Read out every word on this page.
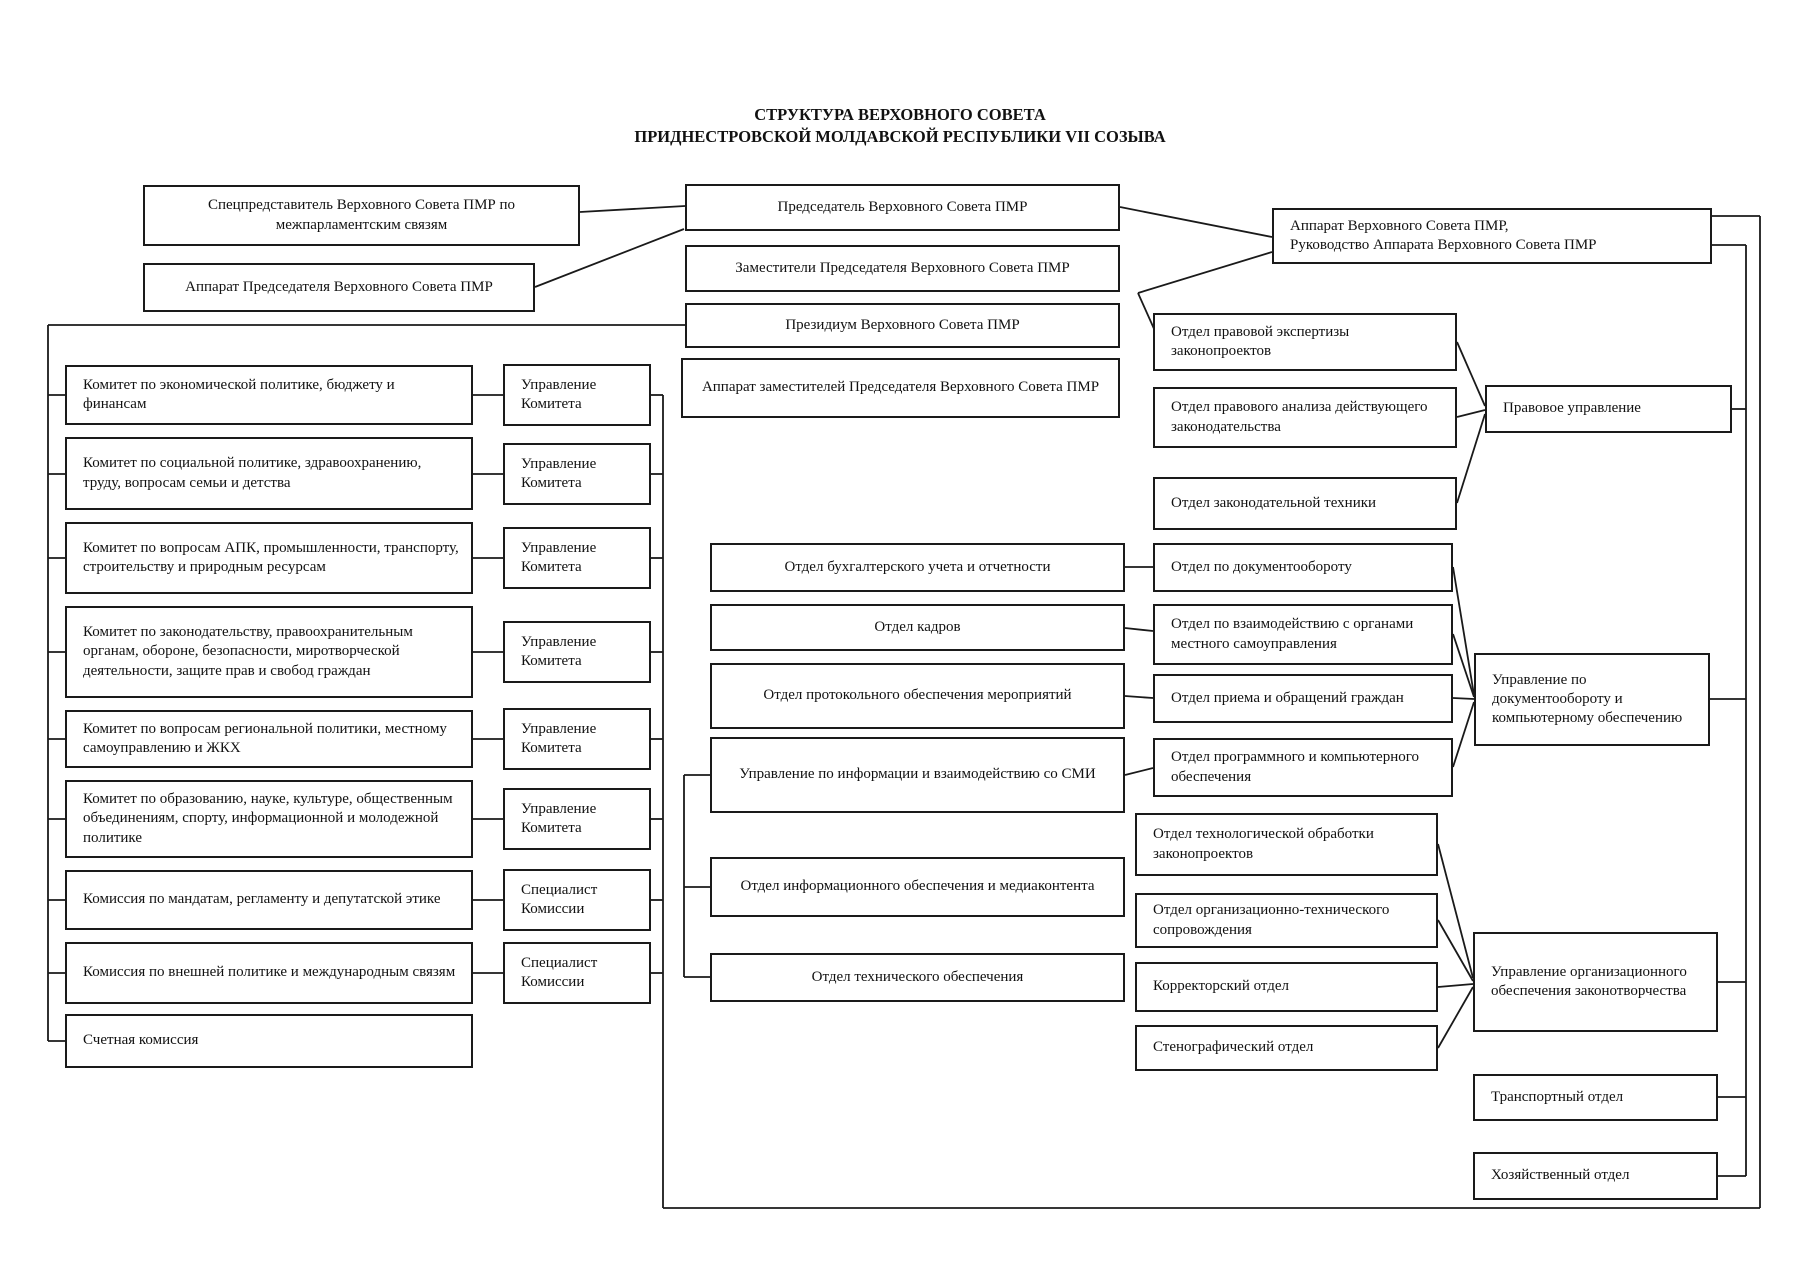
СТРУКТУРА ВЕРХОВНОГО СОВЕТА
ПРИДНЕСТРОВСКОЙ МОЛДАВСКОЙ РЕСПУБЛИКИ VII СОЗЫВА
Спецпредставитель Верховного Совета ПМР по межпарламентским связям
Аппарат Председателя Верховного Совета ПМР
Председатель Верховного Совета ПМР
Заместители Председателя Верховного Совета ПМР
Президиум Верховного Совета ПМР
Аппарат заместителей Председателя Верховного Совета ПМР
Аппарат Верховного Совета ПМР,
Руководство Аппарата Верховного Совета ПМР
Комитет по экономической политике, бюджету и финансам
Комитет по социальной политике, здравоохранению, труду, вопросам семьи и детства
Комитет по вопросам АПК, промышленности, транспорту, строительству и природным ресурсам
Комитет по законодательству, правоохранительным органам, обороне, безопасности, миротворческой деятельности, защите прав и свобод граждан
Комитет по вопросам региональной политики, местному самоуправлению и ЖКХ
Комитет по образованию, науке, культуре, общественным объединениям, спорту, информационной и молодежной политике
Комиссия по мандатам, регламенту и депутатской этике
Комиссия по внешней политике и международным связям
Счетная комиссия
Управление Комитета
Управление Комитета
Управление Комитета
Управление Комитета
Управление Комитета
Управление Комитета
Специалист Комиссии
Специалист Комиссии
Отдел бухгалтерского учета и отчетности
Отдел кадров
Отдел протокольного обеспечения мероприятий
Управление по информации и взаимодействию со СМИ
Отдел информационного обеспечения и медиаконтента
Отдел технического обеспечения
Отдел правовой экспертизы законопроектов
Отдел правового анализа действующего законодательства
Отдел законодательной техники
Правовое управление
Отдел по документообороту
Отдел по взаимодействию с органами местного самоуправления
Отдел приема и обращений граждан
Отдел программного и компьютерного обеспечения
Управление по документообороту и компьютерному обеспечению
Отдел технологической обработки законопроектов
Отдел организационно-технического сопровождения
Корректорский отдел
Стенографический отдел
Управление организационного обеспечения законотворчества
Транспортный отдел
Хозяйственный отдел
